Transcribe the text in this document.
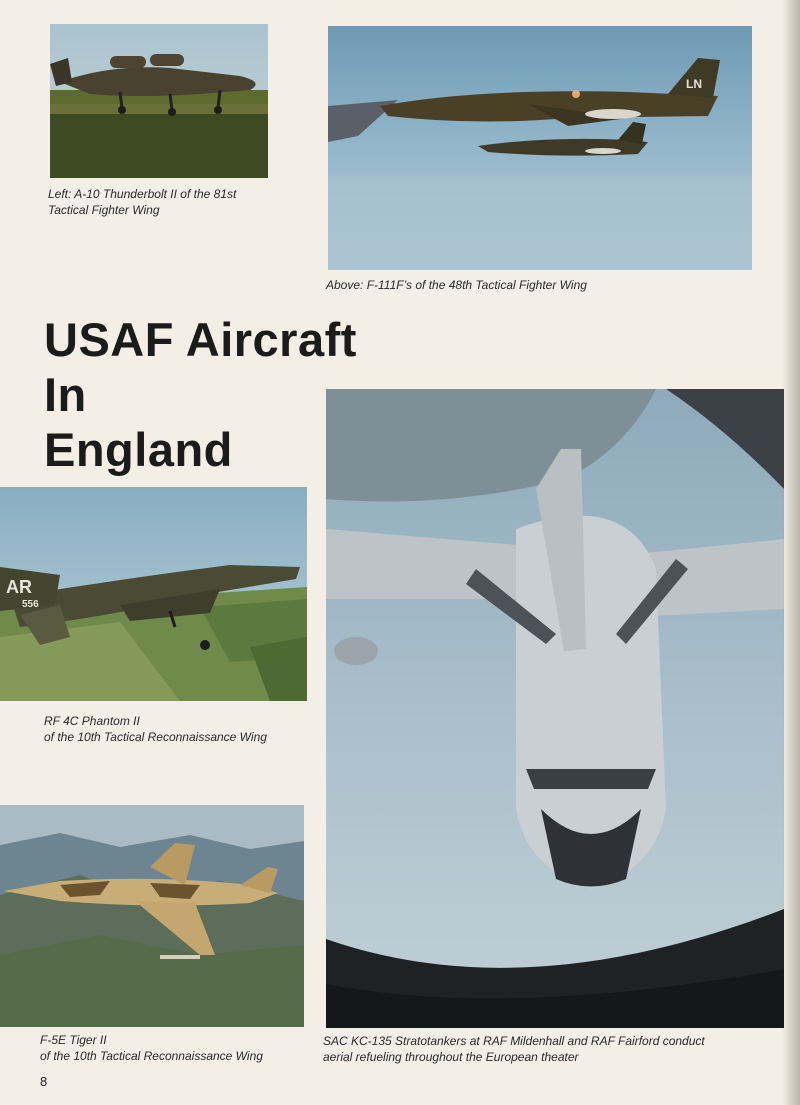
Left: A-10 Thunderbolt II of the 81st
Tactical Fighter Wing

LN

Above: F-111F’s of the 48th Tactical Fighter Wing

USAF Aircraft
In
England
AR
556

RF 4C Phantom II
of the 10th Tactical Reconnaissance Wing

F-5E Tiger II
of the 10th Tactical Reconnaissance Wing

SAC KC-135 Stratotankers at RAF Mildenhall and RAF Fairford conduct
aerial refueling throughout the European theater

8
